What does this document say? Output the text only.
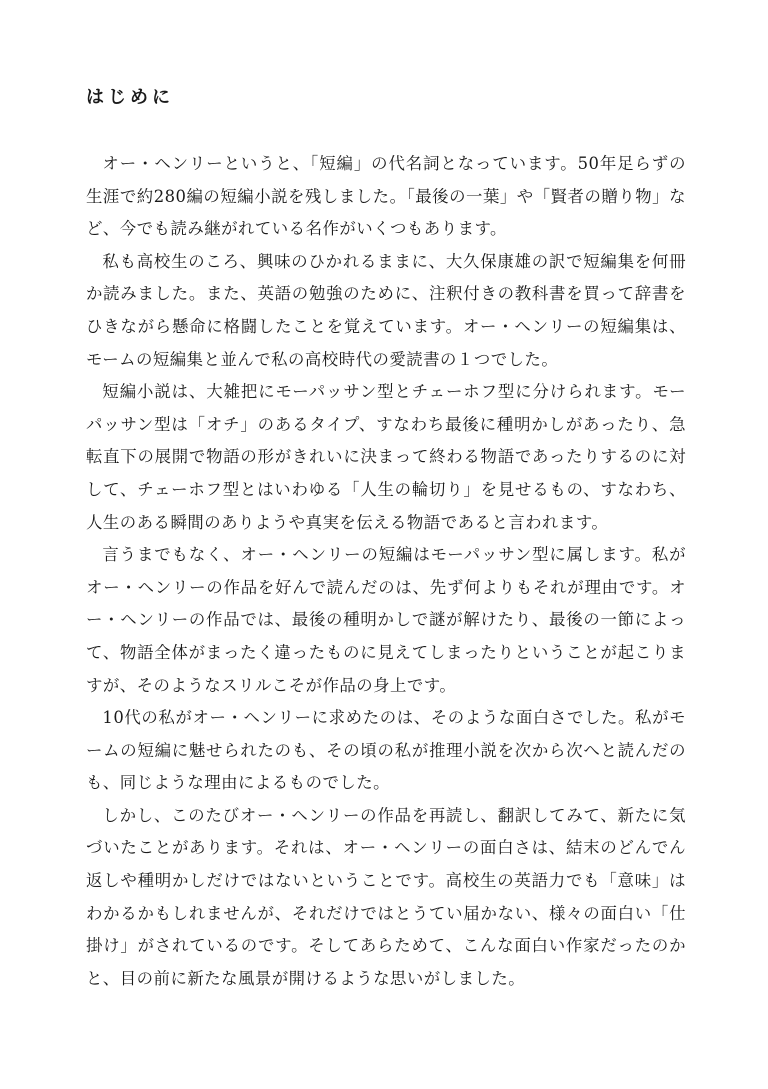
はじめに

オー・ヘンリーというと、「短編」の代名詞となっています。50年足らずの生涯で約280編の短編小説を残しました。「最後の一葉」や「賢者の贈り物」など、今でも読み継がれている名作がいくつもあります。

私も高校生のころ、興味のひかれるままに、大久保康雄の訳で短編集を何冊か読みました。また、英語の勉強のために、注釈付きの教科書を買って辞書をひきながら懸命に格闘したことを覚えています。オー・ヘンリーの短編集は、モームの短編集と並んで私の高校時代の愛読書の１つでした。

短編小説は、大雑把にモーパッサン型とチェーホフ型に分けられます。モーパッサン型は「オチ」のあるタイプ、すなわち最後に種明かしがあったり、急転直下の展開で物語の形がきれいに決まって終わる物語であったりするのに対して、チェーホフ型とはいわゆる「人生の輪切り」を見せるもの、すなわち、人生のある瞬間のありようや真実を伝える物語であると言われます。

言うまでもなく、オー・ヘンリーの短編はモーパッサン型に属します。私がオー・ヘンリーの作品を好んで読んだのは、先ず何よりもそれが理由です。オー・ヘンリーの作品では、最後の種明かしで謎が解けたり、最後の一節によって、物語全体がまったく違ったものに見えてしまったりということが起こりますが、そのようなスリルこそが作品の身上です。

10代の私がオー・ヘンリーに求めたのは、そのような面白さでした。私がモームの短編に魅せられたのも、その頃の私が推理小説を次から次へと読んだのも、同じような理由によるものでした。

しかし、このたびオー・ヘンリーの作品を再読し、翻訳してみて、新たに気づいたことがあります。それは、オー・ヘンリーの面白さは、結末のどんでん返しや種明かしだけではないということです。高校生の英語力でも「意味」はわかるかもしれませんが、それだけではとうてい届かない、様々の面白い「仕掛け」がされているのです。そしてあらためて、こんな面白い作家だったのかと、目の前に新たな風景が開けるような思いがしました。
